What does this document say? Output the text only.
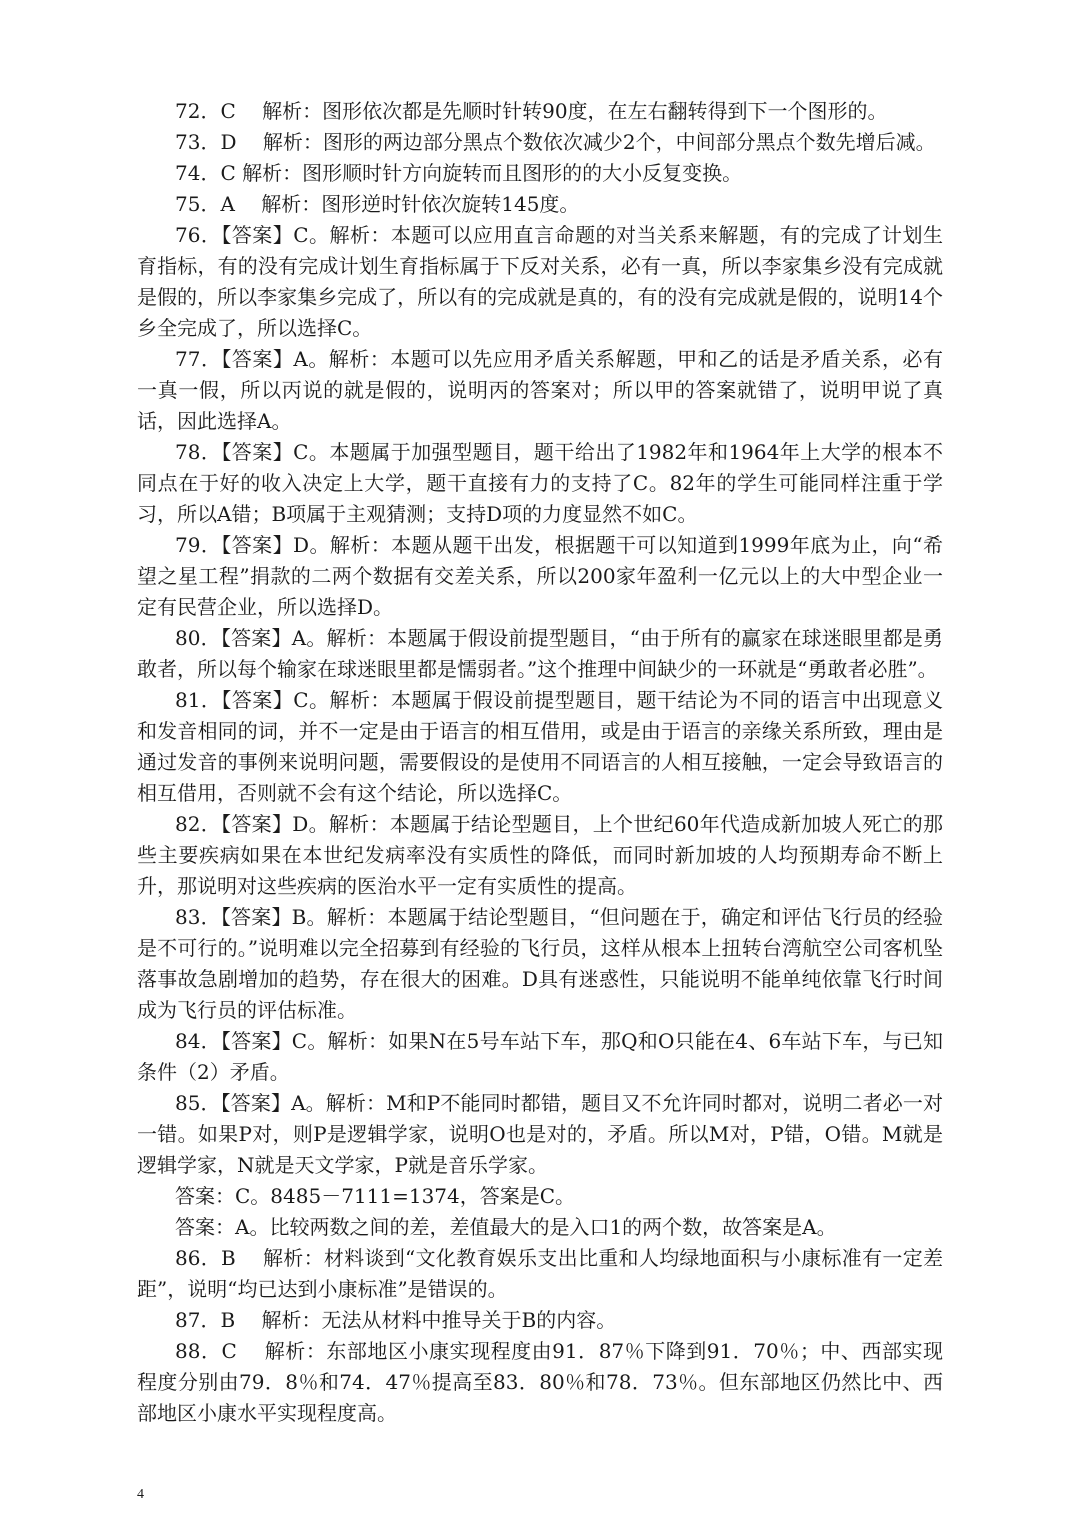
72．C　 解析：图形依次都是先顺时针转90度，在左右翻转得到下一个图形的。

73．D　 解析：图形的两边部分黑点个数依次减少2个，中间部分黑点个数先增后减。

74．C 解析：图形顺时针方向旋转而且图形的的大小反复变换。

75．A　 解析：图形逆时针依次旋转145度。

76．【答案】C。解析：本题可以应用直言命题的对当关系来解题，有的完成了计划生育指标，有的没有完成计划生育指标属于下反对关系，必有一真，所以李家集乡没有完成就是假的，所以李家集乡完成了，所以有的完成就是真的，有的没有完成就是假的，说明14个乡全完成了，所以选择C。

77．【答案】A。解析：本题可以先应用矛盾关系解题，甲和乙的话是矛盾关系，必有一真一假，所以丙说的就是假的，说明丙的答案对；所以甲的答案就错了，说明甲说了真话，因此选择A。

78．【答案】C。本题属于加强型题目，题干给出了1982年和1964年上大学的根本不同点在于好的收入决定上大学，题干直接有力的支持了C。82年的学生可能同样注重于学习，所以A错；B项属于主观猜测；支持D项的力度显然不如C。

79．【答案】D。解析：本题从题干出发，根据题干可以知道到1999年底为止，向“希望之星工程”捐款的二两个数据有交差关系，所以200家年盈利一亿元以上的大中型企业一定有民营企业，所以选择D。

80．【答案】A。解析：本题属于假设前提型题目，“由于所有的赢家在球迷眼里都是勇敢者，所以每个输家在球迷眼里都是懦弱者。”这个推理中间缺少的一环就是“勇敢者必胜”。

81．【答案】C。解析：本题属于假设前提型题目，题干结论为不同的语言中出现意义和发音相同的词，并不一定是由于语言的相互借用，或是由于语言的亲缘关系所致，理由是通过发音的事例来说明问题，需要假设的是使用不同语言的人相互接触，一定会导致语言的相互借用，否则就不会有这个结论，所以选择C。

82．【答案】D。解析：本题属于结论型题目，上个世纪60年代造成新加坡人死亡的那些主要疾病如果在本世纪发病率没有实质性的降低，而同时新加坡的人均预期寿命不断上升，那说明对这些疾病的医治水平一定有实质性的提高。

83．【答案】B。解析：本题属于结论型题目，“但问题在于，确定和评估飞行员的经验是不可行的。”说明难以完全招募到有经验的飞行员，这样从根本上扭转台湾航空公司客机坠落事故急剧增加的趋势，存在很大的困难。D具有迷惑性，只能说明不能单纯依靠飞行时间成为飞行员的评估标准。

84．【答案】C。解析：如果N在5号车站下车，那Q和O只能在4、6车站下车，与已知条件（2）矛盾。

85．【答案】A。解析：M和P不能同时都错，题目又不允许同时都对，说明二者必一对一错。如果P对，则P是逻辑学家，说明O也是对的，矛盾。所以M对，P错，O错。M就是逻辑学家，N就是天文学家，P就是音乐学家。

答案：C。8485－7111=1374，答案是C。

答案：A。比较两数之间的差，差值最大的是入口1的两个数，故答案是A。

86．B　 解析：材料谈到“文化教育娱乐支出比重和人均绿地面积与小康标准有一定差距”，说明“均已达到小康标准”是错误的。

87．B　 解析：无法从材料中推导关于B的内容。

88．C　 解析：东部地区小康实现程度由91．87％下降到91．70％；中、西部实现程度分别由79．8％和74．47％提高至83．80％和78．73％。但东部地区仍然比中、西部地区小康水平实现程度高。

4
